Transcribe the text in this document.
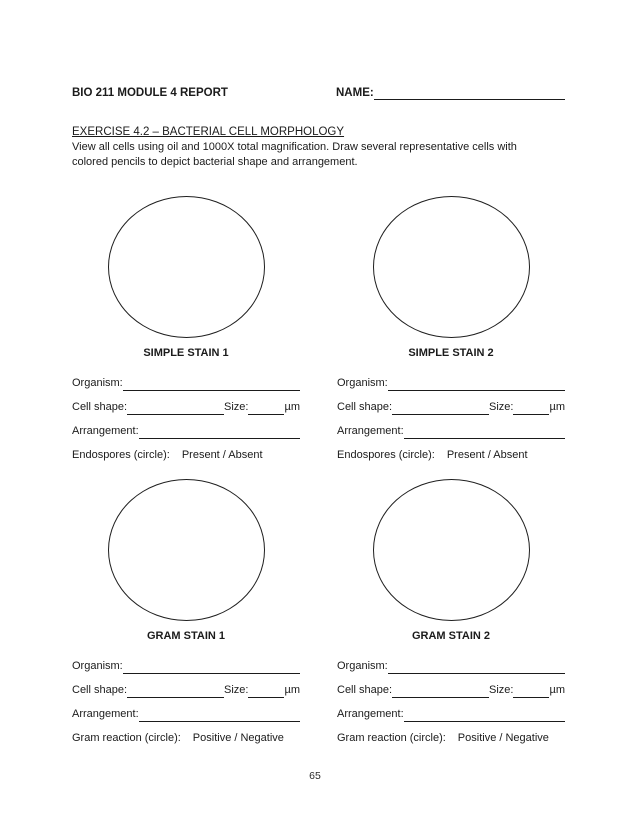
BIO 211 MODULE 4 REPORT	NAME:
EXERCISE 4.2 – BACTERIAL CELL MORPHOLOGY
View all cells using oil and 1000X total magnification. Draw several representative cells with
colored pencils to depict bacterial shape and arrangement.
SIMPLE STAIN 1
Organism:
Cell shape:	Size:	µm
Arrangement:
Endospores (circle): Present / Absent
SIMPLE STAIN 2
Organism:
Cell shape:	Size:	µm
Arrangement:
Endospores (circle): Present / Absent
GRAM STAIN 1
Organism:
Cell shape:	Size:	µm
Arrangement:
Gram reaction (circle): Positive / Negative
GRAM STAIN 2
Organism:
Cell shape:	Size:	µm
Arrangement:
Gram reaction (circle): Positive / Negative
65
